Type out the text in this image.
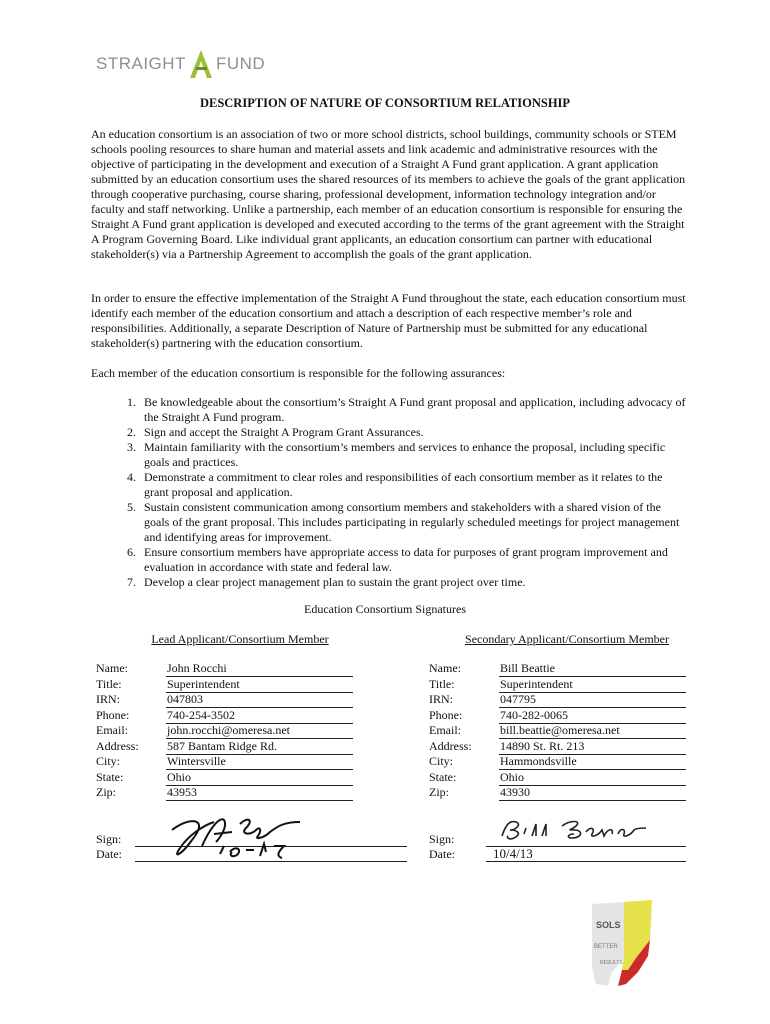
STRAIGHT FUND
DESCRIPTION OF NATURE OF CONSORTIUM RELATIONSHIP

An education consortium is an association of two or more school districts, school buildings, community schools or STEM schools pooling resources to share human and material assets and link academic and administrative resources with the objective of participating in the development and execution of a Straight A Fund grant application. A grant application submitted by an education consortium uses the shared resources of its members to achieve the goals of the grant application through cooperative purchasing, course sharing, professional development, information technology integration and/or faculty and staff networking. Unlike a partnership, each member of an education consortium is responsible for ensuring the Straight A Fund grant application is developed and executed according to the terms of the grant agreement with the Straight A Program Governing Board. Like individual grant applicants, an education consortium can partner with educational stakeholder(s) via a Partnership Agreement to accomplish the goals of the grant application.

In order to ensure the effective implementation of the Straight A Fund throughout the state, each education consortium must identify each member of the education consortium and attach a description of each respective member’s role and responsibilities. Additionally, a separate Description of Nature of Partnership must be submitted for any educational stakeholder(s) partnering with the education consortium.

Each member of the education consortium is responsible for the following assurances:

1. Be knowledgeable about the consortium’s Straight A Fund grant proposal and application, including advocacy of the Straight A Fund program.
2. Sign and accept the Straight A Program Grant Assurances.
3. Maintain familiarity with the consortium’s members and services to enhance the proposal, including specific goals and practices.
4. Demonstrate a commitment to clear roles and responsibilities of each consortium member as it relates to the grant proposal and application.
5. Sustain consistent communication among consortium members and stakeholders with a shared vision of the goals of the grant proposal. This includes participating in regularly scheduled meetings for project management and identifying areas for improvement.
6. Ensure consortium members have appropriate access to data for purposes of grant program improvement and evaluation in accordance with state and federal law.
7. Develop a clear project management plan to sustain the grant project over time.
Education Consortium Signatures
Lead Applicant/Consortium Member	Secondary Applicant/Consortium Member
Name:	John Rocchi
Title:	Superintendent
IRN:	047803
Phone:	740-254-3502
Email:	john.rocchi@omeresa.net
Address:	587 Bantam Ridge Rd.
City:	Wintersville
State:	Ohio
Zip:	43953
Name:	Bill Beattie
Title:	Superintendent
IRN:	047795
Phone:	740-282-0065
Email:	bill.beattie@omeresa.net
Address:	14890 St. Rt. 213
City:	Hammondsville
State:	Ohio
Zip:	43930
Sign:
Date:
Sign:
Date:	10/4/13
SOLS
BETTER
RESULTS
